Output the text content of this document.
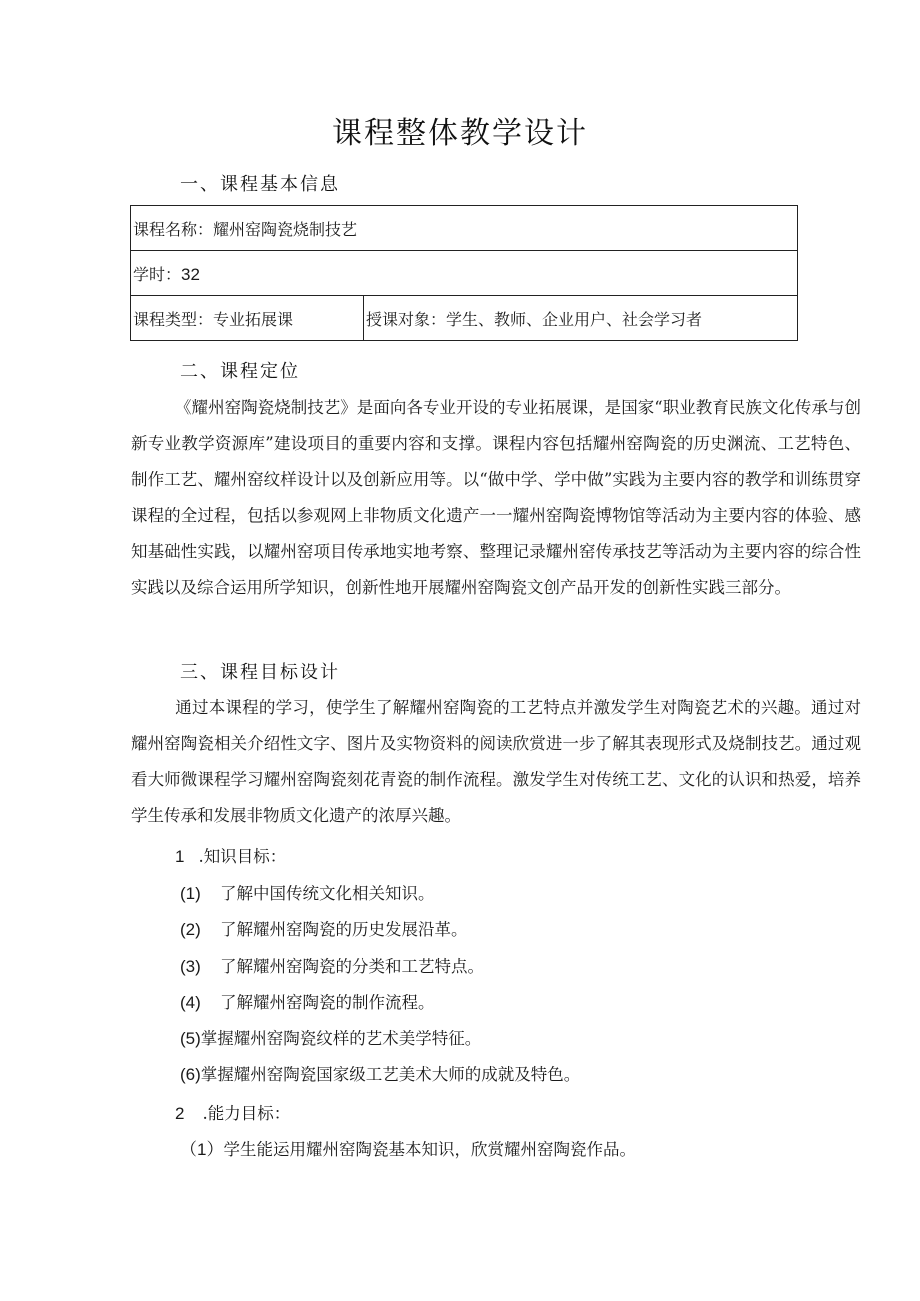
课程整体教学设计
一、课程基本信息
课程名称：耀州窑陶瓷烧制技艺
学时：32
课程类型：专业拓展课	授课对象：学生、教师、企业用户、社会学习者
二、课程定位

《耀州窑陶瓷烧制技艺》是面向各专业开设的专业拓展课，是国家“职业教育民族文化传承与创新专业教学资源库”建设项目的重要内容和支撑。课程内容包括耀州窑陶瓷的历史渊流、工艺特色、制作工艺、耀州窑纹样设计以及创新应用等。以“做中学、学中做”实践为主要内容的教学和训练贯穿课程的全过程，包括以参观网上非物质文化遗产一一耀州窑陶瓷博物馆等活动为主要内容的体验、感知基础性实践，以耀州窑项目传承地实地考察、整理记录耀州窑传承技艺等活动为主要内容的综合性实践以及综合运用所学知识，创新性地开展耀州窑陶瓷文创产品开发的创新性实践三部分。

三、课程目标设计

通过本课程的学习，使学生了解耀州窑陶瓷的工艺特点并激发学生对陶瓷艺术的兴趣。通过对耀州窑陶瓷相关介绍性文字、图片及实物资料的阅读欣赏进一步了解其表现形式及烧制技艺。通过观看大师微课程学习耀州窑陶瓷刻花青瓷的制作流程。激发学生对传统工艺、文化的认识和热爱，培养学生传承和发展非物质文化遗产的浓厚兴趣。

1 .知识目标：
(1) 了解中国传统文化相关知识。
(2) 了解耀州窑陶瓷的历史发展沿革。
(3) 了解耀州窑陶瓷的分类和工艺特点。
(4) 了解耀州窑陶瓷的制作流程。
(5)掌握耀州窑陶瓷纹样的艺术美学特征。
(6)掌握耀州窑陶瓷国家级工艺美术大师的成就及特色。
2 .能力目标：
（1）学生能运用耀州窑陶瓷基本知识，欣赏耀州窑陶瓷作品。
